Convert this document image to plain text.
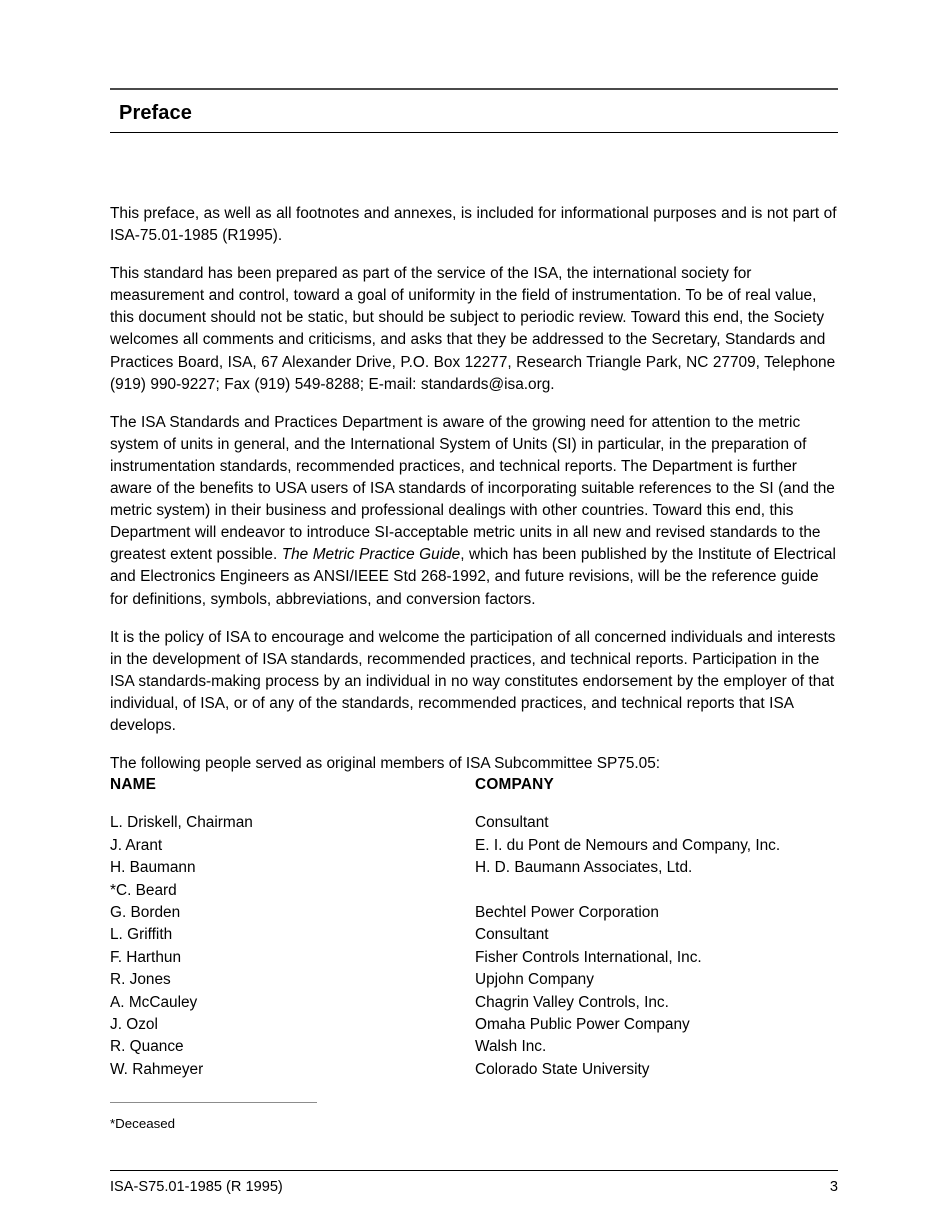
Preface

This preface, as well as all footnotes and annexes, is included for informational purposes and is not part of ISA-75.01-1985 (R1995).

This standard has been prepared as part of the service of the ISA, the international society for measurement and control, toward a goal of uniformity in the field of instrumentation. To be of real value, this document should not be static, but should be subject to periodic review. Toward this end, the Society welcomes all comments and criticisms, and asks that they be addressed to the Secretary, Standards and Practices Board, ISA, 67 Alexander Drive, P.O. Box 12277, Research Triangle Park, NC 27709, Telephone (919) 990-9227; Fax (919) 549-8288; E-mail: standards@isa.org.

The ISA Standards and Practices Department is aware of the growing need for attention to the metric system of units in general, and the International System of Units (SI) in particular, in the preparation of instrumentation standards, recommended practices, and technical reports. The Department is further aware of the benefits to USA users of ISA standards of incorporating suitable references to the SI (and the metric system) in their business and professional dealings with other countries. Toward this end, this Department will endeavor to introduce SI-acceptable metric units in all new and revised standards to the greatest extent possible. The Metric Practice Guide, which has been published by the Institute of Electrical and Electronics Engineers as ANSI/IEEE Std 268-1992, and future revisions, will be the reference guide for definitions, symbols, abbreviations, and conversion factors.

It is the policy of ISA to encourage and welcome the participation of all concerned individuals and interests in the development of ISA standards, recommended practices, and technical reports. Participation in the ISA standards-making process by an individual in no way constitutes endorsement by the employer of that individual, of ISA, or of any of the standards, recommended practices, and technical reports that ISA develops.

The following people served as original members of ISA Subcommittee SP75.05:

NAME	COMPANY
L. Driskell, Chairman	Consultant
J. Arant	E. I. du Pont de Nemours and Company, Inc.
H. Baumann	H. D. Baumann Associates, Ltd.
*C. Beard	
G. Borden	Bechtel Power Corporation
L. Griffith	Consultant
F. Harthun	Fisher Controls International, Inc.
R. Jones	Upjohn Company
A. McCauley	Chagrin Valley Controls, Inc.
J. Ozol	Omaha Public Power Company
R. Quance	Walsh Inc.
W. Rahmeyer	Colorado State University

*Deceased

ISA-S75.01-1985 (R 1995)	3
